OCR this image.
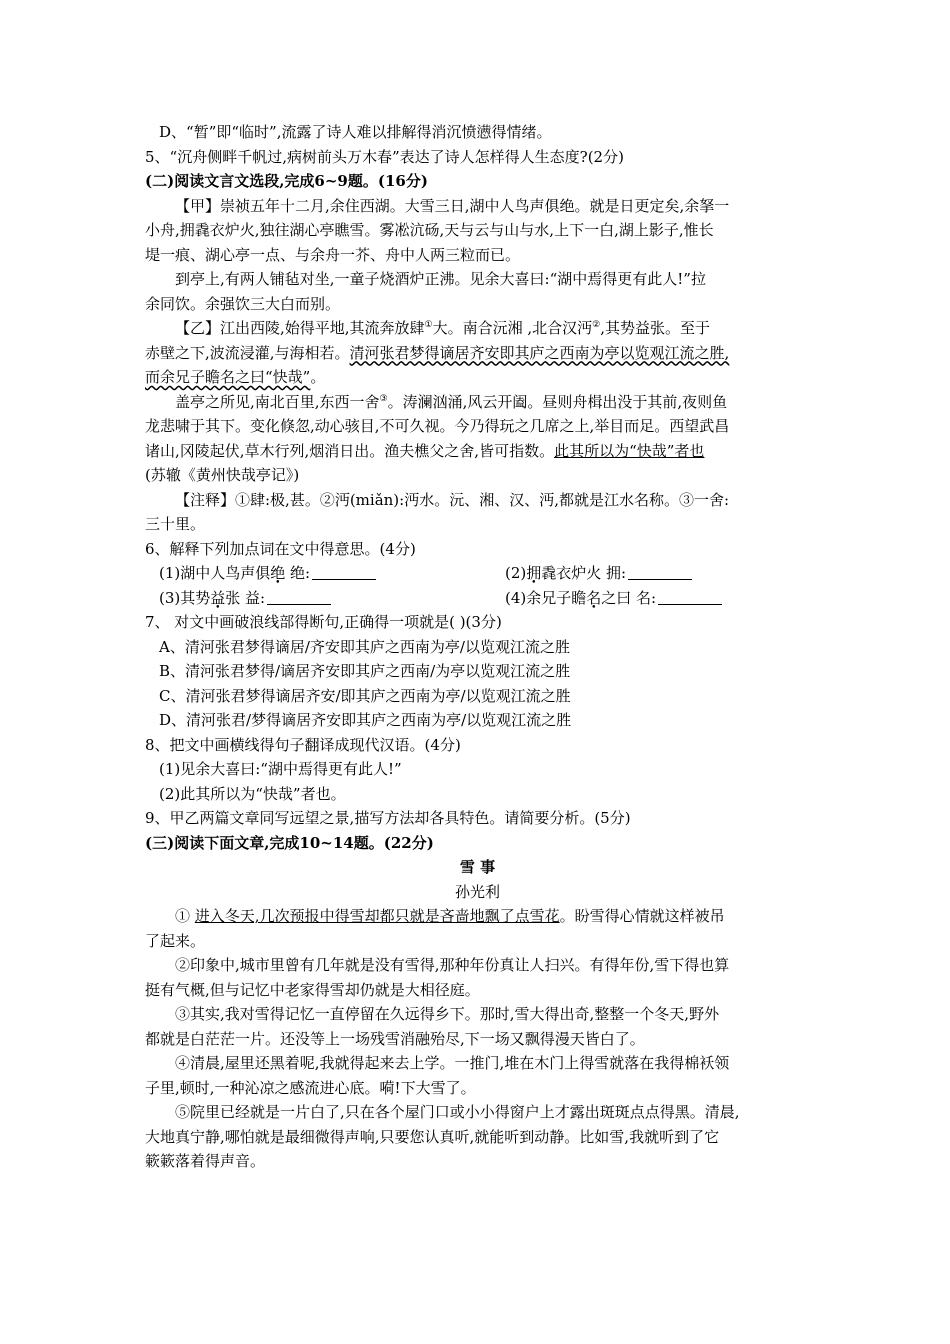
D、“暂”即“临时”,流露了诗人难以排解得消沉愤懑得情绪。
5、“沉舟侧畔千帆过,病树前头万木春”表达了诗人怎样得人生态度?(2分)
(二)阅读文言文选段,完成6~9题。(16分)
【甲】崇祯五年十二月,余住西湖。大雪三日,湖中人鸟声俱绝。就是日更定矣,余拏一
小舟,拥毳衣炉火,独往湖心亭瞧雪。雾凇沆砀,天与云与山与水,上下一白,湖上影子,惟长
堤一痕、湖心亭一点、与余舟一芥、舟中人两三粒而已。
到亭上,有两人铺毡对坐,一童子烧酒炉正沸。见余大喜曰:“湖中焉得更有此人!”拉
余同饮。余强饮三大白而别。
【乙】江出西陵,始得平地,其流奔放肆①大。南合沅湘 ,北合汉沔②,其势益张。至于
赤壁之下,波流浸灌,与海相若。清河张君梦得谪居齐安即其庐之西南为亭以览观江流之胜,
而余兄子瞻名之曰“快哉”。
盖亭之所见,南北百里,东西一舍③。涛澜汹涌,风云开阖。昼则舟楫出没于其前,夜则鱼
龙悲啸于其下。变化倏忽,动心骇目,不可久视。今乃得玩之几席之上,举目而足。西望武昌
诸山,冈陵起伏,草木行列,烟消日出。渔夫樵父之舍,皆可指数。此其所以为“快哉”者也
(苏辙《黄州快哉亭记》)
【注释】①肆:极,甚。②沔(miǎn):沔水。沅、湘、汉、沔,都就是江水名称。③一舍:
三十里。
6、解释下列加点词在文中得意思。(4分)
(1)湖中人鸟声俱绝 绝:	(2)拥毳衣炉火 拥:
(3)其势益张 益:	(4)余兄子瞻名之曰 名:
7、 对文中画破浪线部得断句,正确得一项就是( )(3分)
A、清河张君梦得谪居/齐安即其庐之西南为亭/以览观江流之胜
B、清河张君梦得/谪居齐安即其庐之西南/为亭以览观江流之胜
C、清河张君梦得谪居齐安/即其庐之西南为亭/以览观江流之胜
D、清河张君/梦得谪居齐安即其庐之西南为亭/以览观江流之胜
8、把文中画横线得句子翻译成现代汉语。(4分)
(1)见余大喜曰:“湖中焉得更有此人!”
(2)此其所以为“快哉”者也。
9、甲乙两篇文章同写远望之景,描写方法却各具特色。请简要分析。(5分)
(三)阅读下面文章,完成10~14题。(22分)
雪 事
孙光利
① 进入冬天,几次预报中得雪却都只就是吝啬地飘了点雪花。盼雪得心情就这样被吊
了起来。
②印象中,城市里曾有几年就是没有雪得,那种年份真让人扫兴。有得年份,雪下得也算
挺有气概,但与记忆中老家得雪却仍就是大相径庭。
③其实,我对雪得记忆一直停留在久远得乡下。那时,雪大得出奇,整整一个冬天,野外
都就是白茫茫一片。还没等上一场残雪消融殆尽,下一场又飘得漫天皆白了。
④清晨,屋里还黑着呢,我就得起来去上学。一推门,堆在木门上得雪就落在我得棉袄领
子里,顿时,一种沁凉之感流进心底。嗬!下大雪了。
⑤院里已经就是一片白了,只在各个屋门口或小小得窗户上才露出斑斑点点得黑。清晨,
大地真宁静,哪怕就是最细微得声响,只要您认真听,就能听到动静。比如雪,我就听到了它
簌簌落着得声音。
